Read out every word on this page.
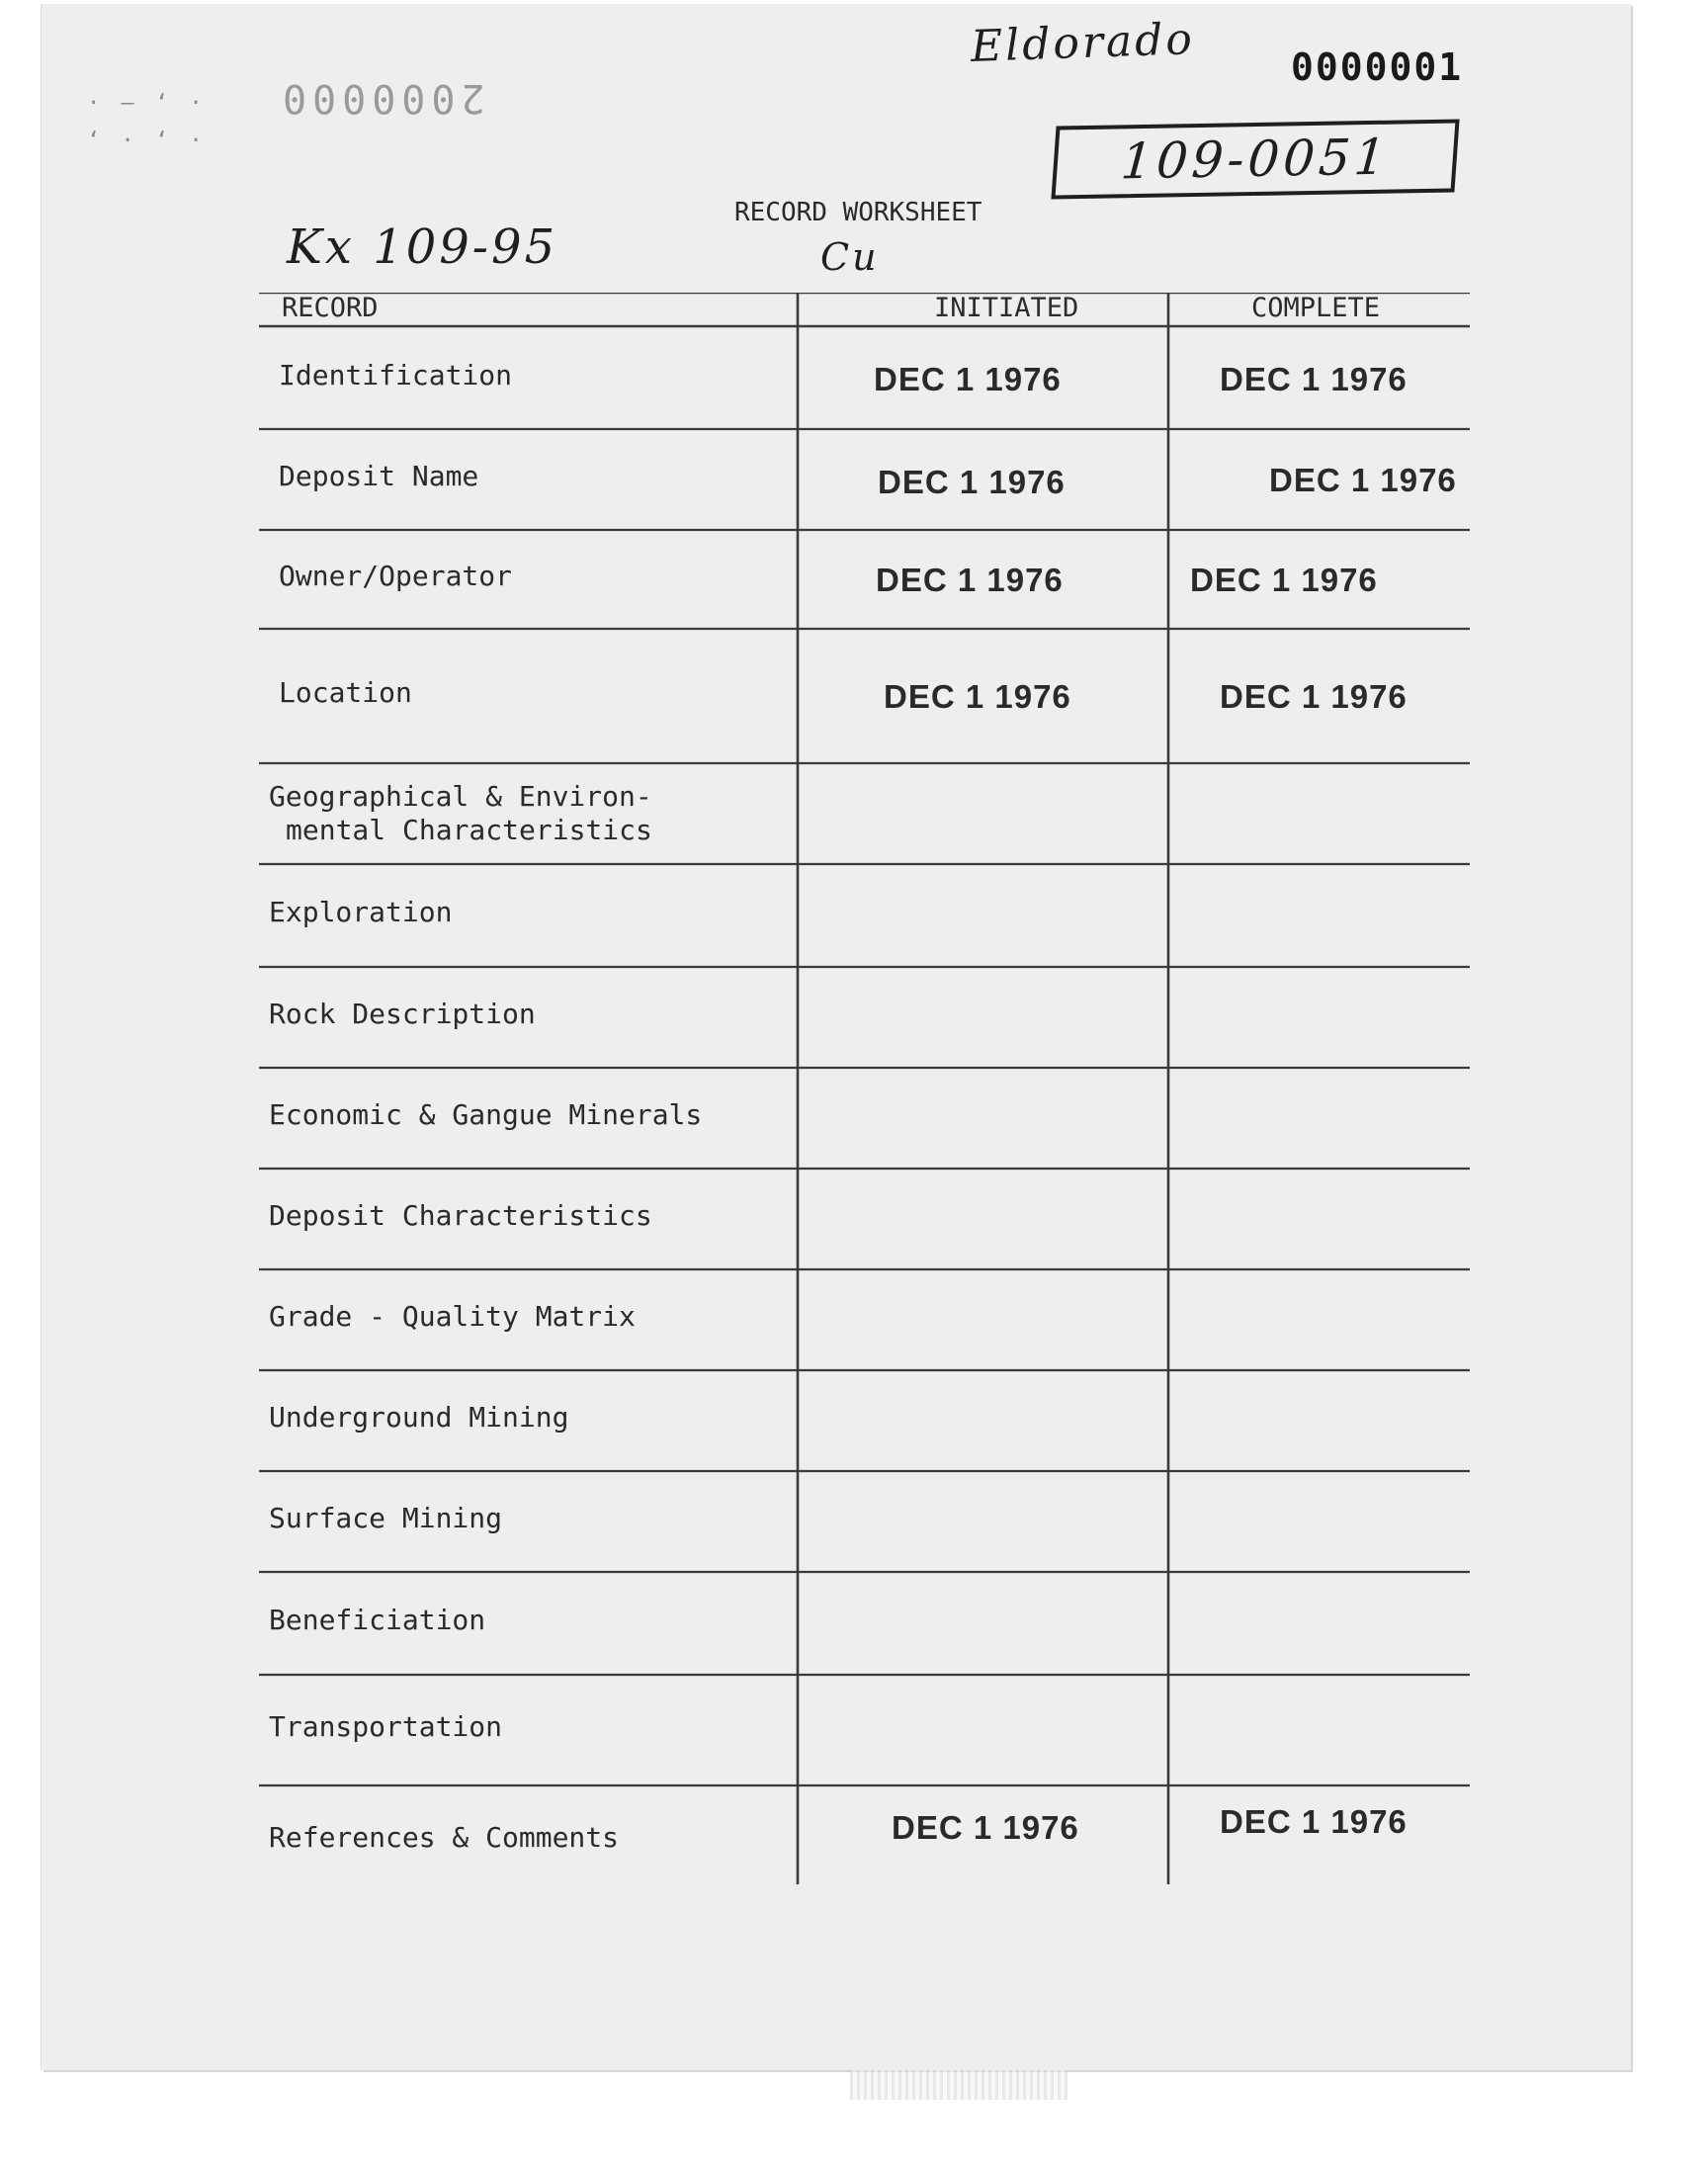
· – ‘ ·
‘ · ‘ ·
2000000
Eldorado	0000001
109-0051
RECORD WORKSHEET
Kx 109-95	Cu
RECORD	INITIATED	COMPLETE
Identification	DEC 1 1976	DEC 1 1976
Deposit Name	DEC 1 1976	DEC 1 1976
Owner/Operator	DEC 1 1976	DEC 1 1976
Location	DEC 1 1976	DEC 1 1976
Geographical & Environ-
mental Characteristics
Exploration
Rock Description
Economic & Gangue Minerals
Deposit Characteristics
Grade - Quality Matrix
Underground Mining
Surface Mining
Beneficiation
Transportation
References & Comments	DEC 1 1976	DEC 1 1976
